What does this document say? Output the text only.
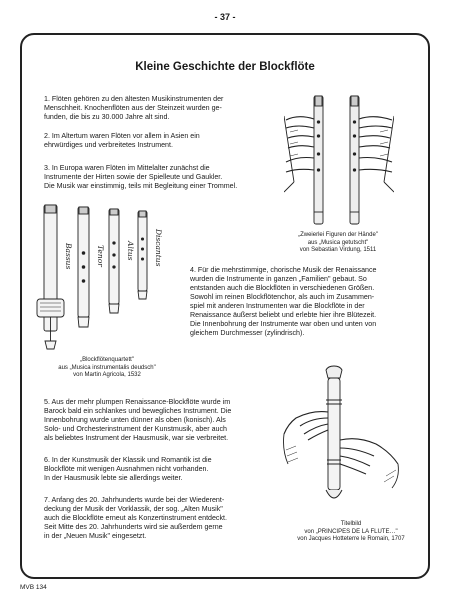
- 37 -
Kleine Geschichte der Blockflöte
1. Flöten gehören zu den ältesten Musikinstrumenten der
Menschheit. Knochenflöten aus der Steinzeit wurden ge-
funden, die bis zu 30.000 Jahre alt sind.
2. Im Altertum waren Flöten vor allem in Asien ein
ehrwürdiges und verbreitetes Instrument.
3. In Europa waren Flöten im Mittelalter zunächst die
Instrumente der Hirten sowie der Spielleute und Gaukler.
Die Musik war einstimmig, teils mit Begleitung einer Trommel.
„Zweierlei Figuren der Hände"
aus „Musica getutscht"
von Sebastian Virdung, 1511
Bassus	Tenor	Altus	Discantus
„Blockflötenquartett"
aus „Musica instrumentalis deudsch"
von Martin Agricola, 1532
4. Für die mehrstimmige, chorische Musik der Renaissance
wurden die Instrumente in ganzen „Familien" gebaut. So
entstanden auch die Blockflöten in verschiedenen Größen.
Sowohl im reinen Blockflötenchor, als auch im Zusammen-
spiel mit anderen Instrumenten war die Blockflöte in der
Renaissance äußerst beliebt und erlebte hier ihre Blütezeit.
Die Innenbohrung der Instrumente war oben und unten von
gleichem Durchmesser (zylindrisch).
5. Aus der mehr plumpen Renaissance-Blockflöte wurde im
Barock bald ein schlankes und bewegliches Instrument. Die
Innenbohrung wurde unten dünner als oben (konisch). Als
Solo- und Orchesterinstrument der Kunstmusik, aber auch
als beliebtes Instrument der Hausmusik, war sie verbreitet.
6. In der Kunstmusik der Klassik und Romantik ist die
Blockflöte mit wenigen Ausnahmen nicht vorhanden.
In der Hausmusik lebte sie allerdings weiter.
7. Anfang des 20. Jahrhunderts wurde bei der Wiederent-
deckung der Musik der Vorklassik, der sog. „Alten Musik"
auch die Blockflöte erneut als Konzertinstrument entdeckt.
Seit Mitte des 20. Jahrhunderts wird sie außerdem gerne
in der „Neuen Musik" eingesetzt.
Titelbild
von „PRINCIPES DE LA FLUTE…"
von Jacques Hotteterre le Romain, 1707
MVB 134
